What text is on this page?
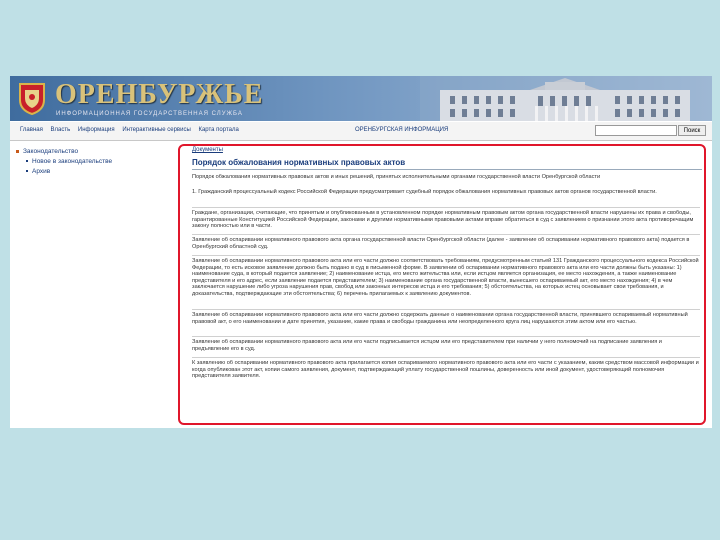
ОРЕНБУРЖЬЕ
ИНФОРМАЦИОННАЯ ГОСУДАРСТВЕННАЯ СЛУЖБА
Главная Власть Информация Интерактивные сервисы Карта портала	ОРЕНБУРГСКАЯ ИНФОРМАЦИЯ	Поиск
Законодательство
Новое в законодательстве
Архив
Документы
Порядок обжалования нормативных правовых актов
Порядок обжалования нормативных правовых актов и иных решений, принятых исполнительными органами государственной власти Оренбургской области
1. Гражданский процессуальный кодекс Российской Федерации предусматривает судебный порядок обжалования нормативных правовых актов органов государственной власти.
Граждане, организации, считающие, что принятым и опубликованным в установленном порядке нормативным правовым актом органа государственной власти нарушены их права и свободы, гарантированные Конституцией Российской Федерации, законами и другими нормативными правовыми актами вправе обратиться в суд с заявлением о признании этого акта противоречащим закону полностью или в части.
Заявление об оспаривании нормативного правового акта органа государственной власти Оренбургской области (далее - заявление об оспаривании нормативного правового акта) подается в Оренбургский областной суд.
Заявление об оспаривании нормативного правового акта или его части должно соответствовать требованиям, предусмотренным статьей 131 Гражданского процессуального кодекса Российской Федерации, то есть исковое заявление должно быть подано в суд в письменной форме. В заявлении об оспаривании нормативного правового акта или его части должны быть указаны: 1) наименование суда, в который подается заявление; 2) наименование истца, его место жительства или, если истцом является организация, ее место нахождения, а также наименование представителя и его адрес, если заявление подается представителем; 3) наименование органа государственной власти, вынесшего оспариваемый акт, его место нахождения; 4) в чем заключается нарушение либо угроза нарушения прав, свобод или законных интересов истца и его требования; 5) обстоятельства, на которых истец основывает свои требования, и доказательства, подтверждающие эти обстоятельства; 6) перечень прилагаемых к заявлению документов.
Заявление об оспаривании нормативного правового акта или его части должно содержать данные о наименовании органа государственной власти, принявшего оспариваемый нормативный правовой акт, о его наименовании и дате принятия, указание, какие права и свободы гражданина или неопределенного круга лиц нарушаются этим актом или его частью.
Заявление об оспаривании нормативного правового акта или его части подписывается истцом или его представителем при наличии у него полномочий на подписание заявления и предъявление его в суд.
К заявлению об оспаривании нормативного правового акта прилагается копия оспариваемого нормативного правового акта или его части с указанием, каким средством массовой информации и когда опубликован этот акт, копии самого заявления, документ, подтверждающий уплату государственной пошлины, доверенность или иной документ, удостоверяющий полномочия представителя заявителя.
